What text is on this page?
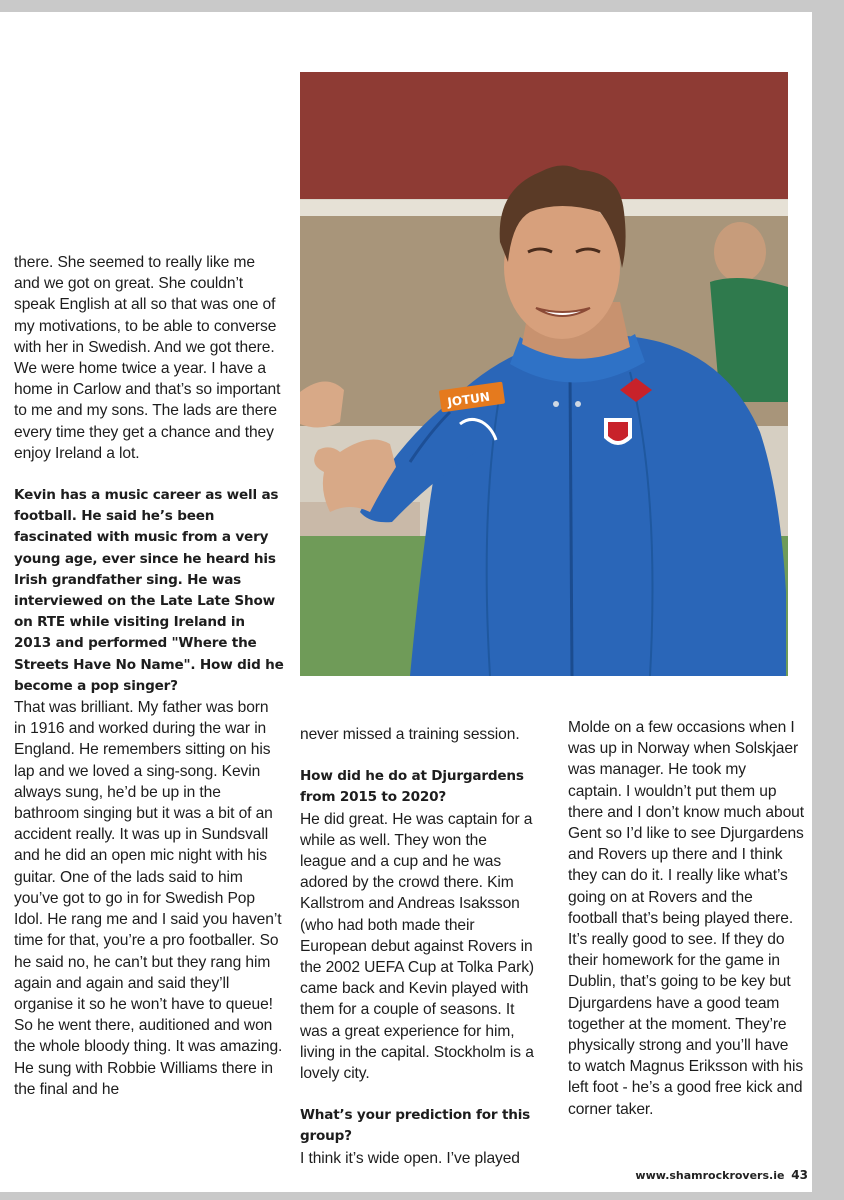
JOTUN

there. She seemed to really like me and we got on great. She couldn’t speak English at all so that was one of my motivations, to be able to converse with her in Swedish. And we got there. We were home twice a year. I have a home in Carlow and that’s so important to me and my sons. The lads are there every time they get a chance and they enjoy Ireland a lot.

Kevin has a music career as well as football. He said he’s been fascinated with music from a very young age, ever since he heard his Irish grandfather sing. He was interviewed on the Late Late Show on RTE while visiting Ireland in 2013 and performed "Where the Streets Have No Name". How did he become a pop singer?

That was brilliant. My father was born in 1916 and worked during the war in England. He remembers sitting on his lap and we loved a sing-song. Kevin always sung, he’d be up in the bathroom singing but it was a bit of an accident really. It was up in Sundsvall and he did an open mic night with his guitar. One of the lads said to him you’ve got to go in for Swedish Pop Idol. He rang me and I said you haven’t time for that, you’re a pro footballer. So he said no, he can’t but they rang him again and again and said they’ll organise it so he won’t have to queue! So he went there, auditioned and won the whole bloody thing. It was amazing. He sung with Robbie Williams there in the final and he

never missed a training session.

How did he do at Djurgardens from 2015 to 2020?

He did great. He was captain for a while as well. They won the league and a cup and he was adored by the crowd there. Kim Kallstrom and Andreas Isaksson (who had both made their European debut against Rovers in the 2002 UEFA Cup at Tolka Park) came back and Kevin played with them for a couple of seasons. It was a great experience for him, living in the capital. Stockholm is a lovely city.

What’s your prediction for this group?

I think it’s wide open. I’ve played

Molde on a few occasions when I was up in Norway when Solskjaer was manager. He took my captain. I wouldn’t put them up there and I don’t know much about Gent so I’d like to see Djurgardens and Rovers up there and I think they can do it. I really like what’s going on at Rovers and the football that’s being played there. It’s really good to see. If they do their homework for the game in Dublin, that’s going to be key but Djurgardens have a good team together at the moment. They’re physically strong and you’ll have to watch Magnus Eriksson with his left foot - he’s a good free kick and corner taker.

www.shamrockrovers.ie 43
